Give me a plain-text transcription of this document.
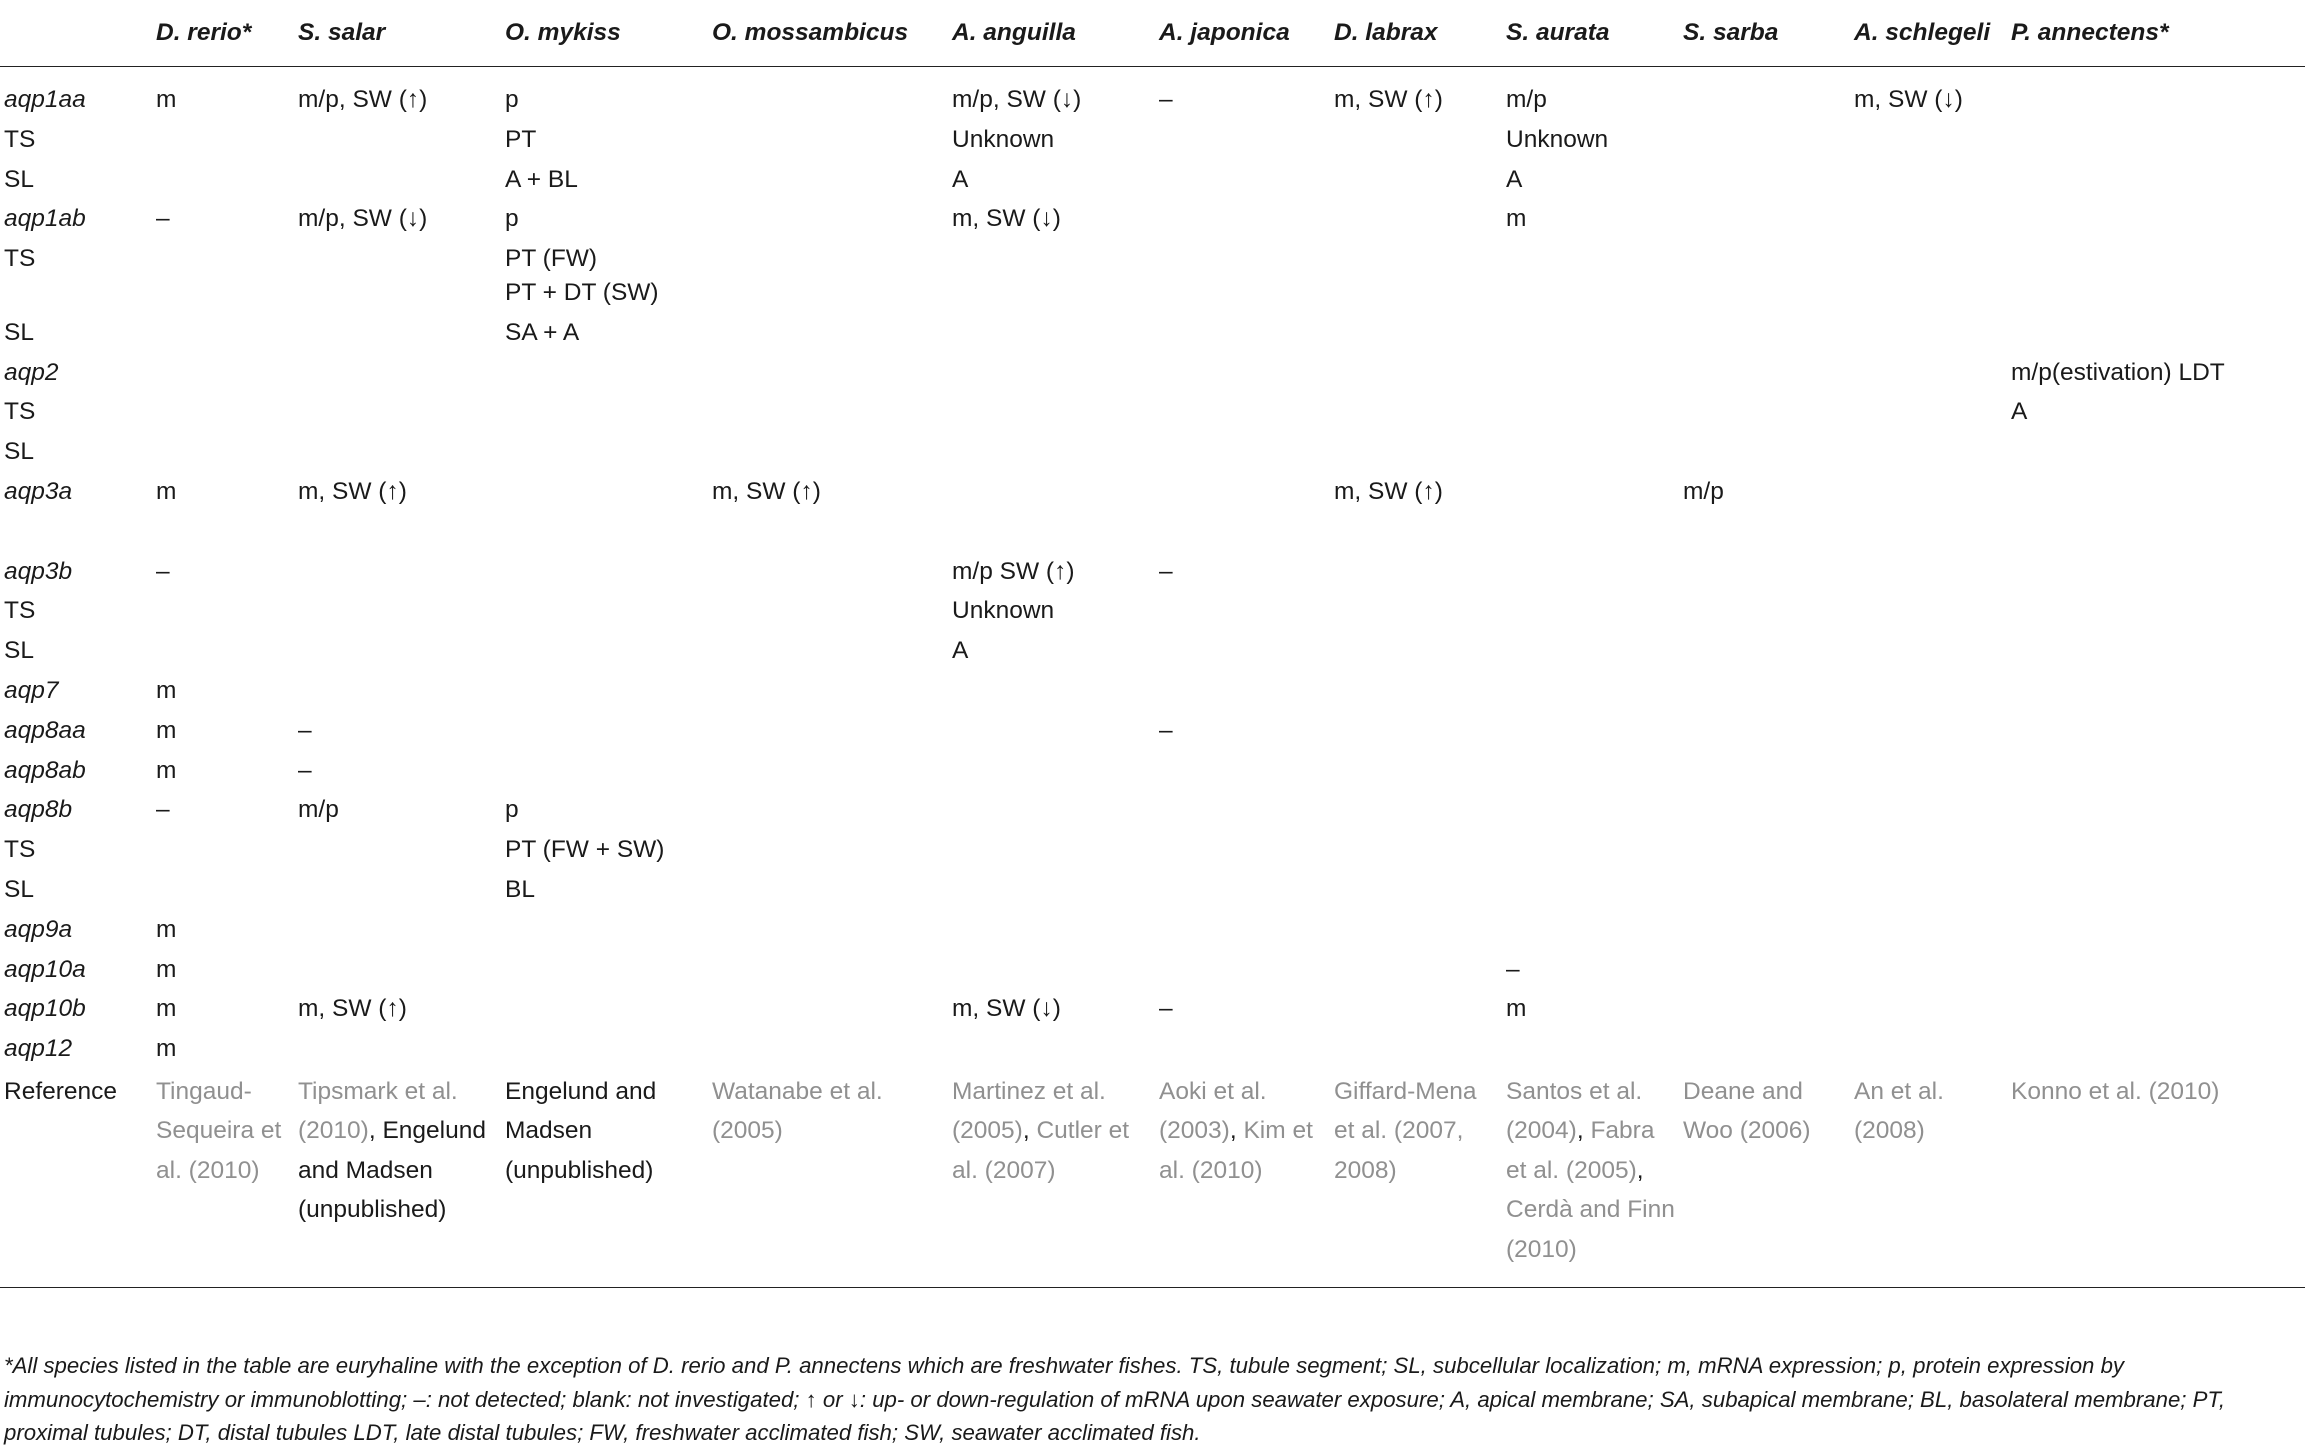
	D. rerio*	S. salar	O. mykiss	O. mossambicus	A. anguilla	A. japonica	D. labrax	S. aurata	S. sarba	A. schlegeli	P. annectens*
aqp1aa	m	m/p, SW (↑)	p		m/p, SW (↓)	–	m, SW (↑)	m/p		m, SW (↓)	
TS			PT		Unknown			Unknown			
SL			A + BL		A			A			
aqp1ab	–	m/p, SW (↓)	p		m, SW (↓)			m			
TS			PT (FW)
PT + DT (SW)								

SL			SA + A								
aqp2											m/p(estivation) LDT
TS											A
SL											
aqp3a	m	m, SW (↑)		m, SW (↑)			m, SW (↑)		m/p		

aqp3b	–				m/p SW (↑)	–					
TS					Unknown						
SL					A						
aqp7	m										
aqp8aa	m	–				–					
aqp8ab	m	–									
aqp8b	–	m/p	p								
TS			PT (FW + SW)								
SL			BL								
aqp9a	m										
aqp10a	m							–			
aqp10b	m	m, SW (↑)			m, SW (↓)	–		m			
aqp12	m										
Reference	Tingaud-Sequeira et al. (2010)	Tipsmark et al. (2010), Engelund and Madsen (unpublished)	Engelund and Madsen (unpublished)	Watanabe et al. (2005)	Martinez et al. (2005), Cutler et al. (2007)	Aoki et al. (2003), Kim et al. (2010)	Giffard-Mena et al. (2007, 2008)	Santos et al. (2004), Fabra et al. (2005), Cerdà and Finn (2010)	Deane and Woo (2006)	An et al. (2008)	Konno et al. (2010)
*All species listed in the table are euryhaline with the exception of D. rerio and P. annectens which are freshwater fishes. TS, tubule segment; SL, subcellular localization; m, mRNA expression; p, protein expression by immunocytochemistry or immunoblotting; –: not detected; blank: not investigated; ↑ or ↓: up- or down-regulation of mRNA upon seawater exposure; A, apical membrane; SA, subapical membrane; BL, basolateral membrane; PT, proximal tubules; DT, distal tubules LDT, late distal tubules; FW, freshwater acclimated fish; SW, seawater acclimated fish.
